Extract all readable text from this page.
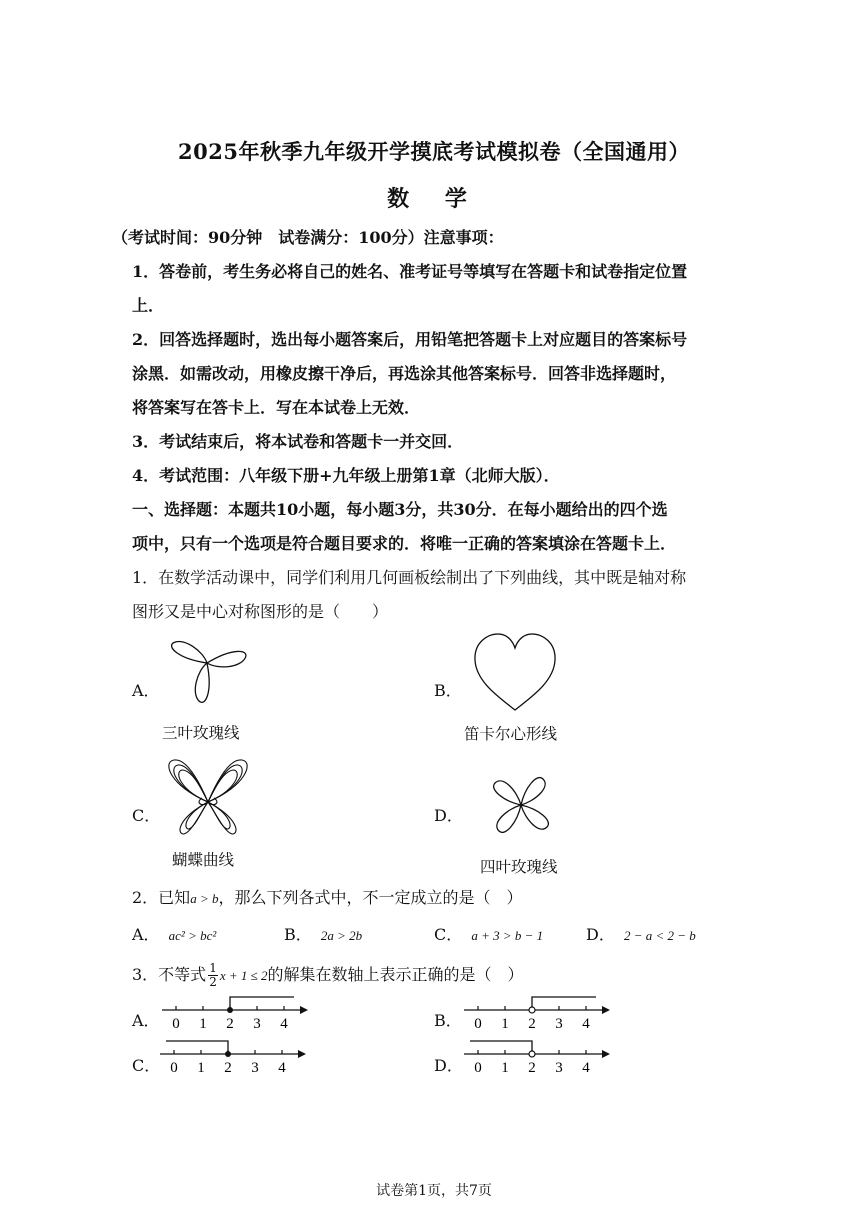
2025年秋季九年级开学摸底考试模拟卷（全国通用）
数 学
（考试时间：90分钟　试卷满分：100分）注意事项：
1．答卷前，考生务必将自己的姓名、准考证号等填写在答题卡和试卷指定位置
上．
2．回答选择题时，选出每小题答案后，用铅笔把答题卡上对应题目的答案标号
涂黑．如需改动，用橡皮擦干净后，再选涂其他答案标号．回答非选择题时，
将答案写在答卡上．写在本试卷上无效．
3．考试结束后，将本试卷和答题卡一并交回．
4．考试范围：八年级下册+九年级上册第1章（北师大版）．
一、选择题：本题共10小题，每小题3分，共30分．在每小题给出的四个选
项中，只有一个选项是符合题目要求的．将唯一正确的答案填涂在答题卡上．
1．在数学活动课中，同学们利用几何画板绘制出了下列曲线，其中既是轴对称
图形又是中心对称图形的是（　　）
A．
三叶玫瑰线
B．
笛卡尔心形线
C．
蝴蝶曲线
D．
四叶玫瑰线
2．已知a > b，那么下列各式中，不一定成立的是（　）
A． ac² > bc²	B． 2a > 2b	C． a + 3 > b − 1	D． 2 − a < 2 − b
3．不等式 $\frac{1}{2}$ x + 1 ≤ 2的解集在数轴上表示正确的是（　）
A． 0 1 2 3 4	B． 0 1 2 3 4
C． 0 1 2 3 4	D． 0 1 2 3 4
试卷第1页，共7页
